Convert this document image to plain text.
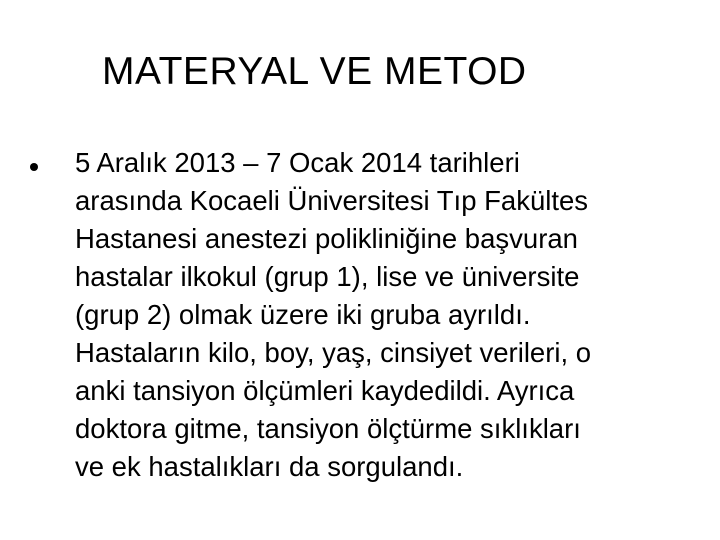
MATERYAL VE METOD
5 Aralık 2013 – 7 Ocak 2014 tarihleri
arasında Kocaeli Üniversitesi Tıp Fakültes
Hastanesi anestezi polikliniğine başvuran
hastalar ilkokul (grup 1), lise ve üniversite
(grup 2) olmak üzere iki gruba ayrıldı.
Hastaların kilo, boy, yaş, cinsiyet verileri, o
anki tansiyon ölçümleri kaydedildi. Ayrıca
doktora gitme, tansiyon ölçtürme sıklıkları
ve ek hastalıkları da sorgulandı.
